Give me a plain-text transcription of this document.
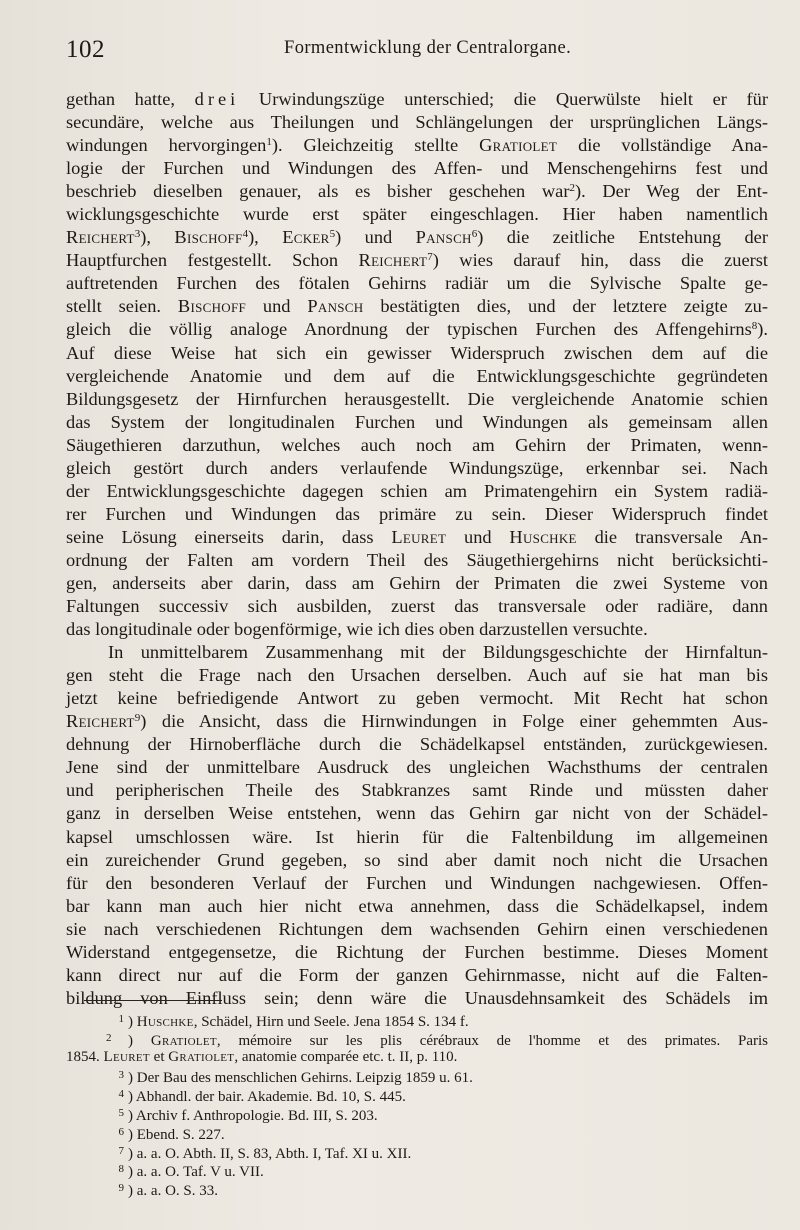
102	Formentwicklung der Centralorgane.
gethan hatte, drei Urwindungszüge unterschied; die Querwülste hielt er für
secundäre, welche aus Theilungen und Schlängelungen der ursprünglichen Längs-
windungen hervorgingen$^1$). Gleichzeitig stellte Gratiolet die vollständige Ana-
logie der Furchen und Windungen des Affen- und Menschengehirns fest und
beschrieb dieselben genauer, als es bisher geschehen war$^2$). Der Weg der Ent-
wicklungsgeschichte wurde erst später eingeschlagen. Hier haben namentlich
Reichert$^3$), Bischoff$^4$), Ecker$^5$) und Pansch$^6$) die zeitliche Entstehung der
Hauptfurchen festgestellt. Schon Reichert$^7$) wies darauf hin, dass die zuerst
auftretenden Furchen des fötalen Gehirns radiär um die Sylvische Spalte ge-
stellt seien. Bischoff und Pansch bestätigten dies, und der letztere zeigte zu-
gleich die völlig analoge Anordnung der typischen Furchen des Affengehirns$^8$).
Auf diese Weise hat sich ein gewisser Widerspruch zwischen dem auf die
vergleichende Anatomie und dem auf die Entwicklungsgeschichte gegründeten
Bildungsgesetz der Hirnfurchen herausgestellt. Die vergleichende Anatomie schien
das System der longitudinalen Furchen und Windungen als gemeinsam allen
Säugethieren darzuthun, welches auch noch am Gehirn der Primaten, wenn-
gleich gestört durch anders verlaufende Windungszüge, erkennbar sei. Nach
der Entwicklungsgeschichte dagegen schien am Primatengehirn ein System radiä-
rer Furchen und Windungen das primäre zu sein. Dieser Widerspruch findet
seine Lösung einerseits darin, dass Leuret und Huschke die transversale An-
ordnung der Falten am vordern Theil des Säugethiergehirns nicht berücksichti-
gen, anderseits aber darin, dass am Gehirn der Primaten die zwei Systeme von
Faltungen successiv sich ausbilden, zuerst das transversale oder radiäre, dann
das longitudinale oder bogenförmige, wie ich dies oben darzustellen versuchte.
In unmittelbarem Zusammenhang mit der Bildungsgeschichte der Hirnfaltun-
gen steht die Frage nach den Ursachen derselben. Auch auf sie hat man bis
jetzt keine befriedigende Antwort zu geben vermocht. Mit Recht hat schon
Reichert$^9$) die Ansicht, dass die Hirnwindungen in Folge einer gehemmten Aus-
dehnung der Hirnoberfläche durch die Schädelkapsel entständen, zurückgewiesen.
Jene sind der unmittelbare Ausdruck des ungleichen Wachsthums der centralen
und peripherischen Theile des Stabkranzes samt Rinde und müssten daher
ganz in derselben Weise entstehen, wenn das Gehirn gar nicht von der Schädel-
kapsel umschlossen wäre. Ist hierin für die Faltenbildung im allgemeinen
ein zureichender Grund gegeben, so sind aber damit noch nicht die Ursachen
für den besonderen Verlauf der Furchen und Windungen nachgewiesen. Offen-
bar kann man auch hier nicht etwa annehmen, dass die Schädelkapsel, indem
sie nach verschiedenen Richtungen dem wachsenden Gehirn einen verschiedenen
Widerstand entgegensetze, die Richtung der Furchen bestimme. Dieses Moment
kann direct nur auf die Form der ganzen Gehirnmasse, nicht auf die Falten-
bildung von Einfluss sein; denn wäre die Unausdehnsamkeit des Schädels im
1 ) Huschke, Schädel, Hirn und Seele. Jena 1854 S. 134 f.
2 ) Gratiolet, mémoire sur les plis cérébraux de l'homme et des primates. Paris
1854. Leuret et Gratiolet, anatomie comparée etc. t. II, p. 110.
3 ) Der Bau des menschlichen Gehirns. Leipzig 1859 u. 61.
4 ) Abhandl. der bair. Akademie. Bd. 10, S. 445.
5 ) Archiv f. Anthropologie. Bd. III, S. 203.
6 ) Ebend. S. 227.
7 ) a. a. O. Abth. II, S. 83, Abth. I, Taf. XI u. XII.
8 ) a. a. O. Taf. V u. VII.
9 ) a. a. O. S. 33.
